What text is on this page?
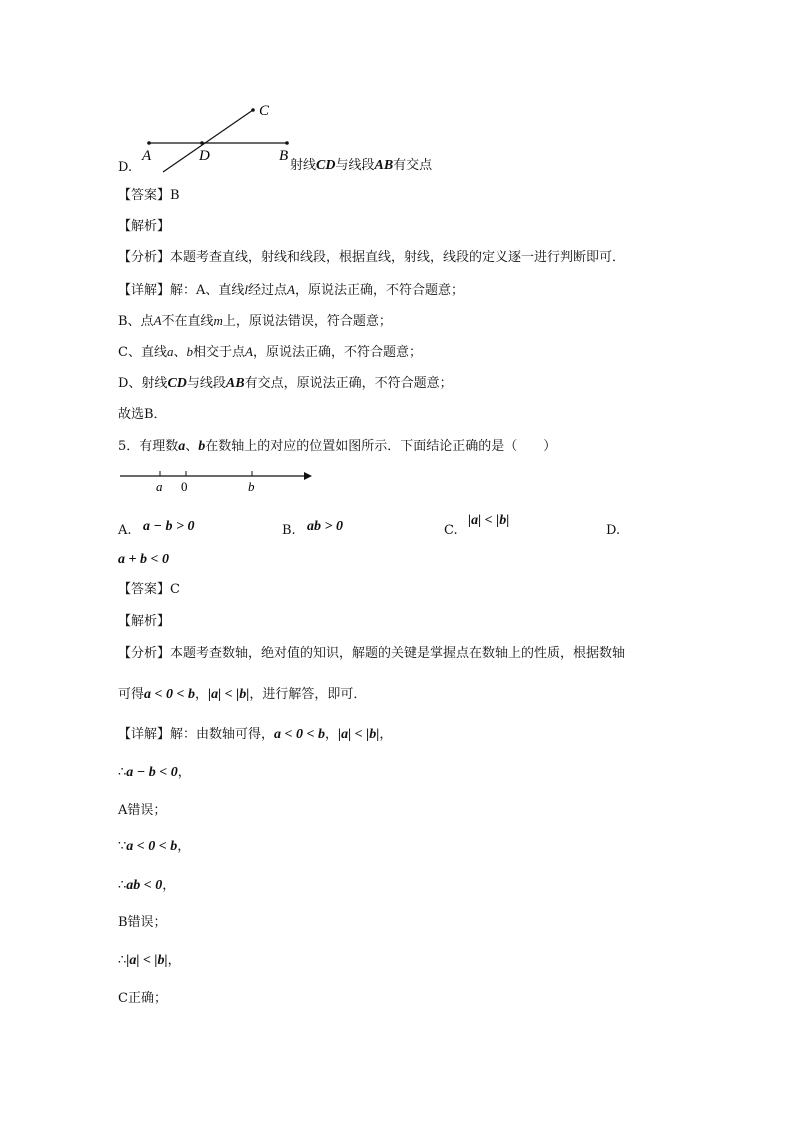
A	D	B
C
D.	射线CD与线段AB有交点
【答案】B
【解析】
【分析】本题考查直线，射线和线段，根据直线，射线，线段的定义逐一进行判断即可．
【详解】解：A、直线l经过点A，原说法正确，不符合题意；
B、点A不在直线m上，原说法错误，符合题意；
C、直线a、b相交于点A，原说法正确，不符合题意；
D、射线CD与线段AB有交点，原说法正确，不符合题意；
故选B．
5．有理数a、b在数轴上的对应的位置如图所示．下面结论正确的是（　　）
a 0	b
A. a − b > 0	B. ab > 0	C.
|a| < |b|
D.
a + b < 0
【答案】C
【解析】
【分析】本题考查数轴，绝对值的知识，解题的关键是掌握点在数轴上的性质，根据数轴
可得a < 0 < b，|a| < |b|，进行解答，即可．
【详解】解：由数轴可得，a < 0 < b，|a| < |b|，
∴a − b < 0，
A错误；
∵a < 0 < b，
∴ab < 0，
B错误；
∴|a| < |b|，
C正确；
